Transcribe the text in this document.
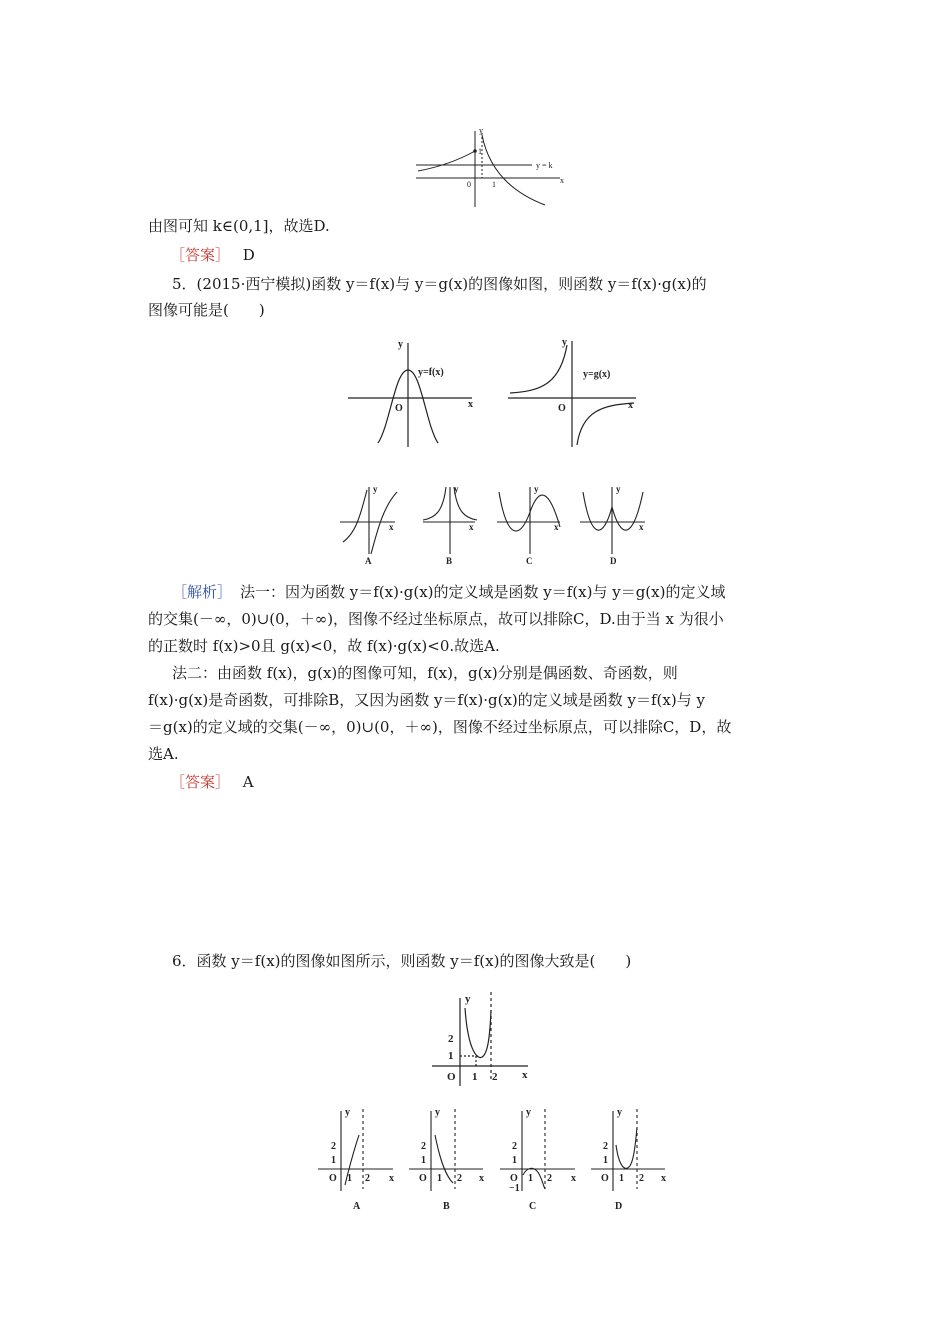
y
1
0	1	x
y = k
由图可知 k∈(0,1]，故选D.
［答案］ D
5．(2015·西宁模拟)函数 y＝f(x)与 y＝g(x)的图像如图，则函数 y＝f(x)·g(x)的
图像可能是(　　)
y
y=f(x)
O	x
y
y=g(x)
O	x
y
x
y
x
y
x
y
x
A	B	C	D
［解析］ 法一：因为函数 y＝f(x)·g(x)的定义域是函数 y＝f(x)与 y＝g(x)的定义域
的交集(－∞，0)∪(0，＋∞)，图像不经过坐标原点，故可以排除C，D.由于当 x 为很小
的正数时 f(x)>0且 g(x)<0，故 f(x)·g(x)<0.故选A.
法二：由函数 f(x)，g(x)的图像可知，f(x)，g(x)分别是偶函数、奇函数，则
f(x)·g(x)是奇函数，可排除B，又因为函数 y＝f(x)·g(x)的定义域是函数 y＝f(x)与 y
＝g(x)的定义域的交集(－∞，0)∪(0，＋∞)，图像不经过坐标原点，可以排除C，D，故
选A.
［答案］ A
6．函数 y＝f(x)的图像如图所示，则函数 y＝f(x)的图像大致是(　　)
y
2
1
O 1 2 x
y
x
2
1
O 1 2
y
x
2
1
O 1 2
y
x
2
1
O 1 2
−1
y
x
2
1
O 1 2
A	B	C	D
